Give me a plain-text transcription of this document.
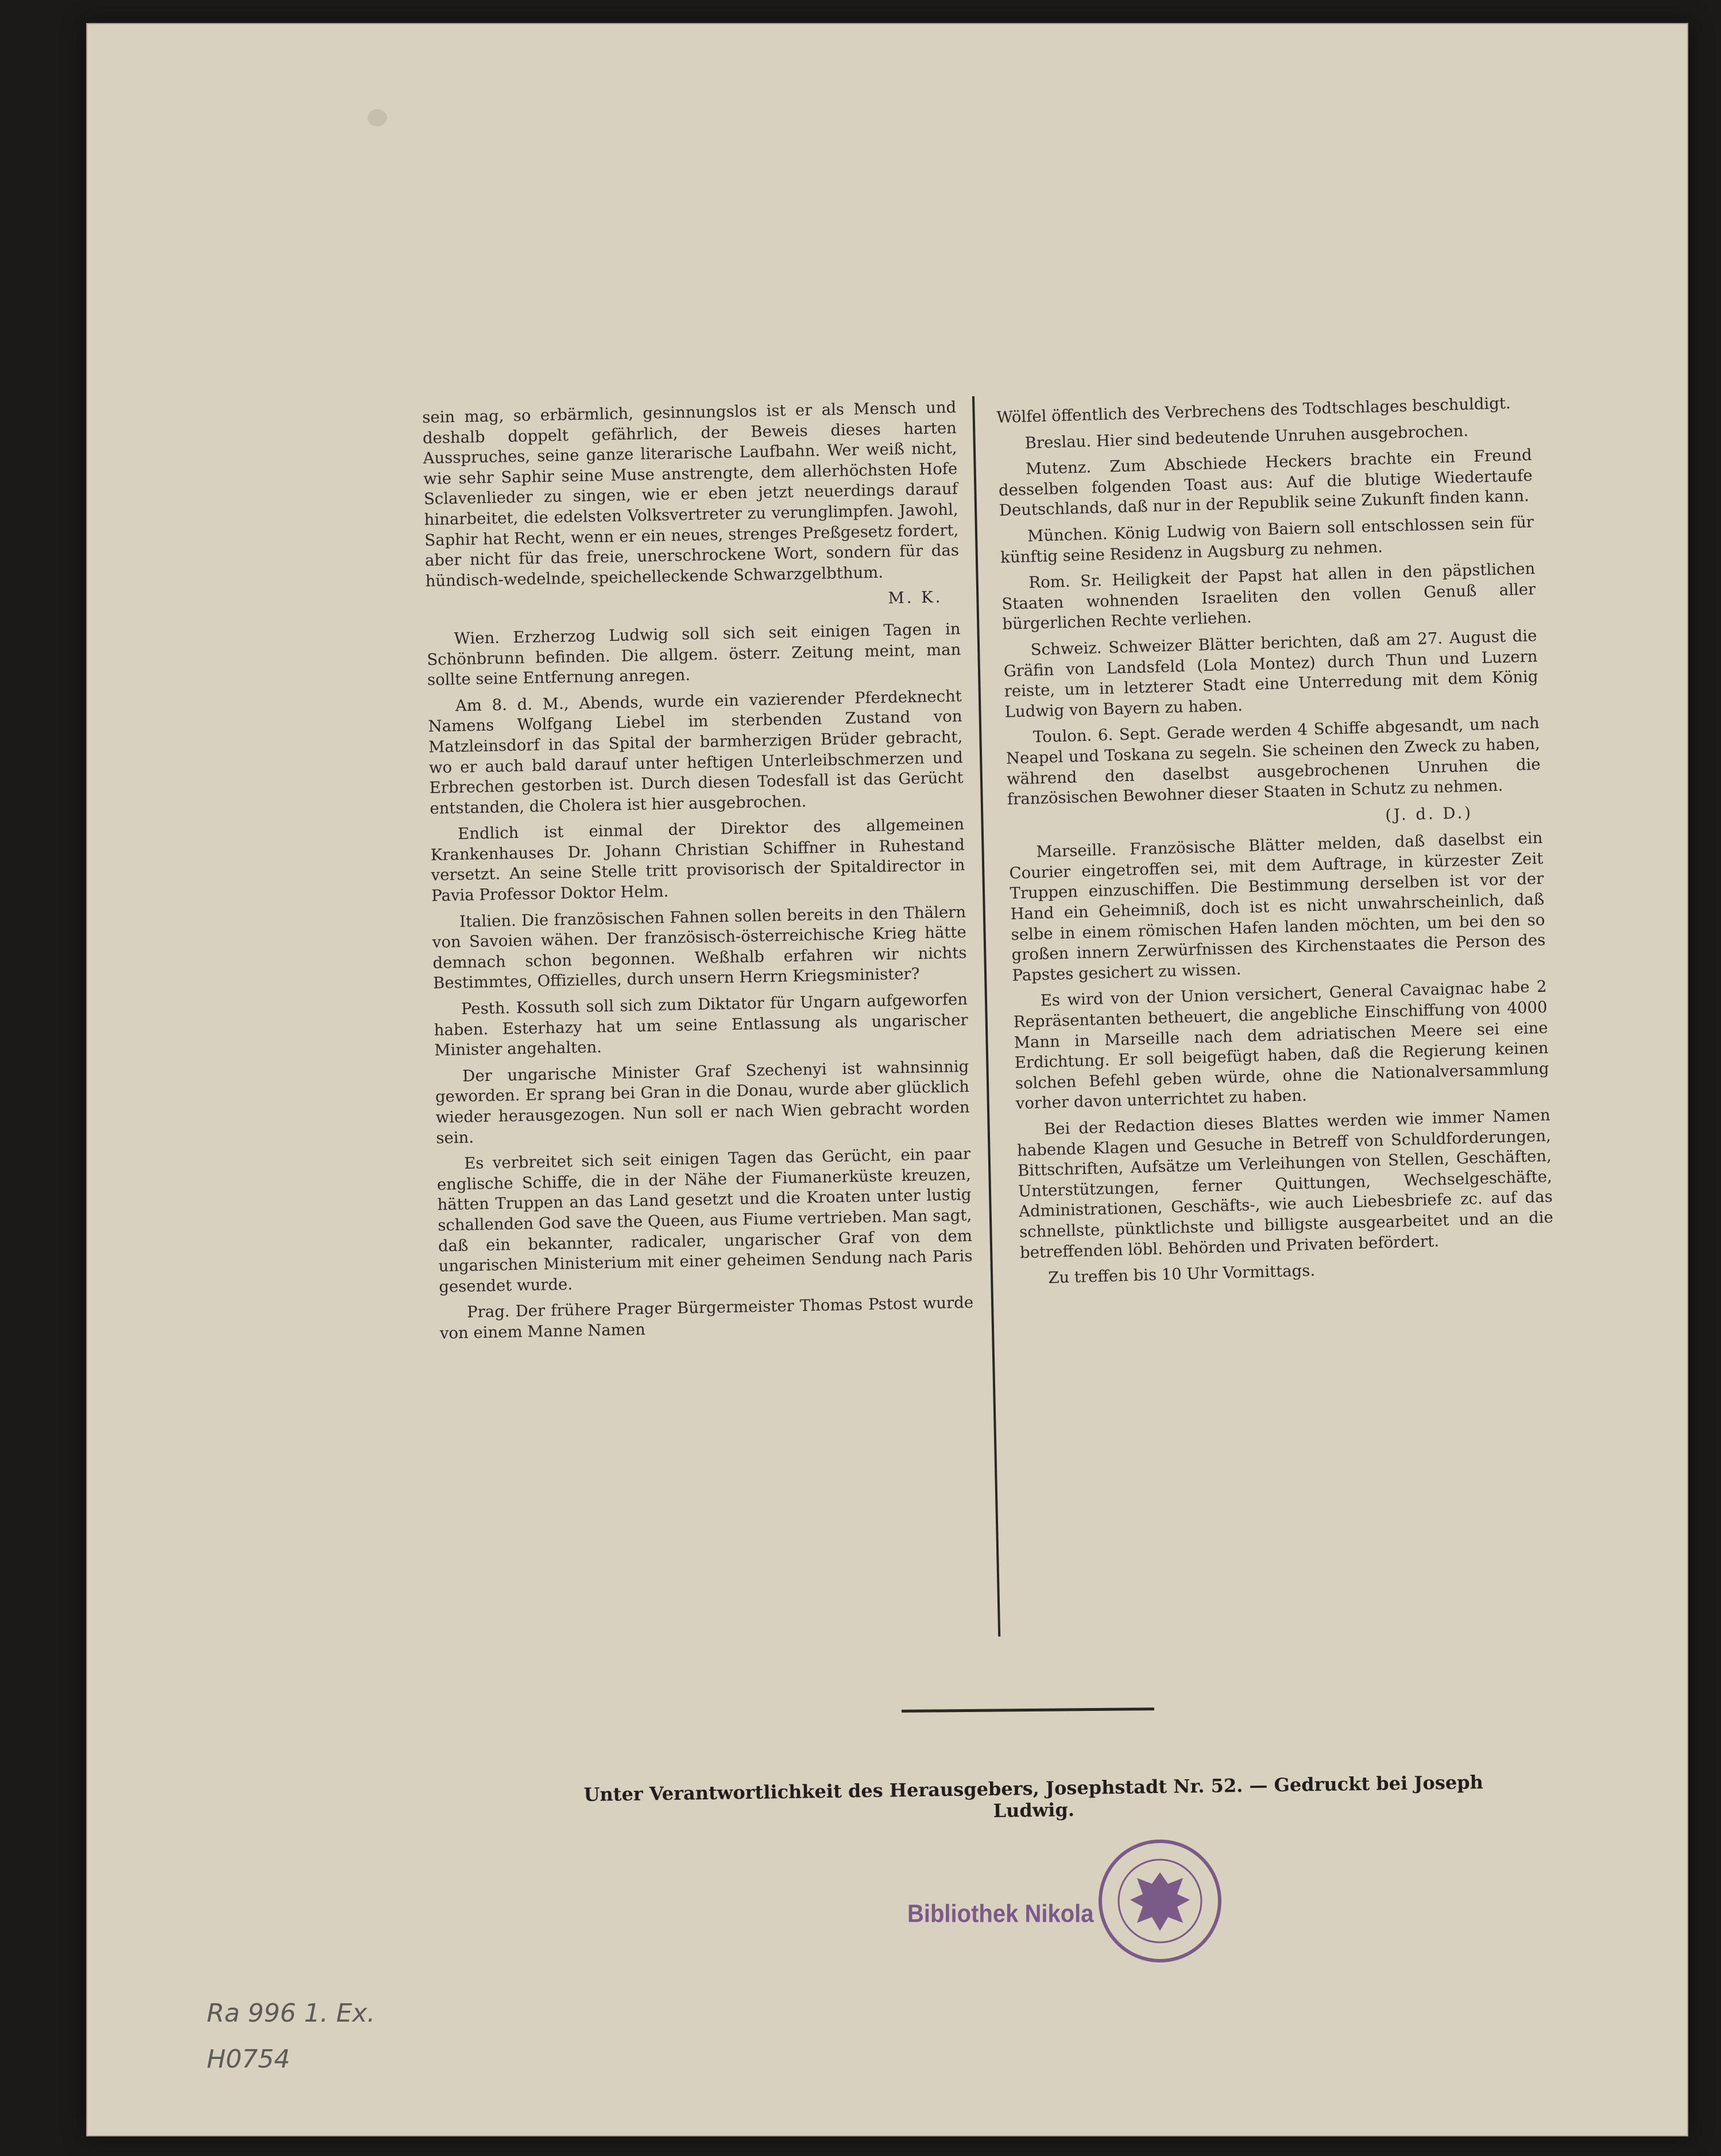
sein mag, so erbärmlich, gesinnungslos ist er als Mensch und deshalb doppelt gefährlich, der Beweis dieses harten Ausspruches, seine ganze literarische Laufbahn. Wer weiß nicht, wie sehr Saphir seine Muse anstrengte, dem allerhöchsten Hofe Sclavenlieder zu singen, wie er eben jetzt neuerdings darauf hinarbeitet, die edelsten Volksvertreter zu verunglimpfen. Jawohl, Saphir hat Recht, wenn er ein neues, strenges Preßgesetz fordert, aber nicht für das freie, unerschrockene Wort, sondern für das hündisch-wedelnde, speichelleckende Schwarzgelbthum.

M. K.

Wien. Erzherzog Ludwig soll sich seit einigen Tagen in Schönbrunn befinden. Die allgem. österr. Zeitung meint, man sollte seine Entfernung anregen.

Am 8. d. M., Abends, wurde ein vazierender Pferdeknecht Namens Wolfgang Liebel im sterbenden Zustand von Matzleinsdorf in das Spital der barmherzigen Brüder gebracht, wo er auch bald darauf unter heftigen Unterleibschmerzen und Erbrechen gestorben ist. Durch diesen Todesfall ist das Gerücht entstanden, die Cholera ist hier ausgebrochen.

Endlich ist einmal der Direktor des allgemeinen Krankenhauses Dr. Johann Christian Schiffner in Ruhestand versetzt. An seine Stelle tritt provisorisch der Spitaldirector in Pavia Professor Doktor Helm.

Italien. Die französischen Fahnen sollen bereits in den Thälern von Savoien wähen. Der französisch-österreichische Krieg hätte demnach schon begonnen. Weßhalb erfahren wir nichts Bestimmtes, Offizielles, durch unsern Herrn Kriegsminister?

Pesth. Kossuth soll sich zum Diktator für Ungarn aufgeworfen haben. Esterhazy hat um seine Entlassung als ungarischer Minister angehalten.

Der ungarische Minister Graf Szechenyi ist wahnsinnig geworden. Er sprang bei Gran in die Donau, wurde aber glücklich wieder herausgezogen. Nun soll er nach Wien gebracht worden sein.

Es verbreitet sich seit einigen Tagen das Gerücht, ein paar englische Schiffe, die in der Nähe der Fiumanerküste kreuzen, hätten Truppen an das Land gesetzt und die Kroaten unter lustig schallenden God save the Queen, aus Fiume vertrieben. Man sagt, daß ein bekannter, radicaler, ungarischer Graf von dem ungarischen Ministerium mit einer geheimen Sendung nach Paris gesendet wurde.

Prag. Der frühere Prager Bürgermeister Thomas Pstost wurde von einem Manne Namen

Wölfel öffentlich des Verbrechens des Todtschlages beschuldigt.

Breslau. Hier sind bedeutende Unruhen ausgebrochen.

Mutenz. Zum Abschiede Heckers brachte ein Freund desselben folgenden Toast aus: Auf die blutige Wiedertaufe Deutschlands, daß nur in der Republik seine Zukunft finden kann.

München. König Ludwig von Baiern soll entschlossen sein für künftig seine Residenz in Augsburg zu nehmen.

Rom. Sr. Heiligkeit der Papst hat allen in den päpstlichen Staaten wohnenden Israeliten den vollen Genuß aller bürgerlichen Rechte verliehen.

Schweiz. Schweizer Blätter berichten, daß am 27. August die Gräfin von Landsfeld (Lola Montez) durch Thun und Luzern reiste, um in letzterer Stadt eine Unterredung mit dem König Ludwig von Bayern zu haben.

Toulon. 6. Sept. Gerade werden 4 Schiffe abgesandt, um nach Neapel und Toskana zu segeln. Sie scheinen den Zweck zu haben, während den daselbst ausgebrochenen Unruhen die französischen Bewohner dieser Staaten in Schutz zu nehmen.

(J. d. D.)

Marseille. Französische Blätter melden, daß daselbst ein Courier eingetroffen sei, mit dem Auftrage, in kürzester Zeit Truppen einzuschiffen. Die Bestimmung derselben ist vor der Hand ein Geheimniß, doch ist es nicht unwahrscheinlich, daß selbe in einem römischen Hafen landen möchten, um bei den so großen innern Zerwürfnissen des Kirchenstaates die Person des Papstes gesichert zu wissen.

Es wird von der Union versichert, General Cavaignac habe 2 Repräsentanten betheuert, die angebliche Einschiffung von 4000 Mann in Marseille nach dem adriatischen Meere sei eine Erdichtung. Er soll beigefügt haben, daß die Regierung keinen solchen Befehl geben würde, ohne die Nationalversammlung vorher davon unterrichtet zu haben.

Bei der Redaction dieses Blattes werden wie immer Namen habende Klagen und Gesuche in Betreff von Schuldforderungen, Bittschriften, Aufsätze um Verleihungen von Stellen, Geschäften, Unterstützungen, ferner Quittungen, Wechselgeschäfte, Administrationen, Geschäfts-, wie auch Liebesbriefe zc. auf das schnellste, pünktlichste und billigste ausgearbeitet und an die betreffenden löbl. Behörden und Privaten befördert.

Zu treffen bis 10 Uhr Vormittags.

Unter Verantwortlichkeit des Herausgebers, Josephstadt Nr. 52. — Gedruckt bei Joseph Ludwig.
Bibliothek Nikola
Ra 996 1. Ex.
H0754
